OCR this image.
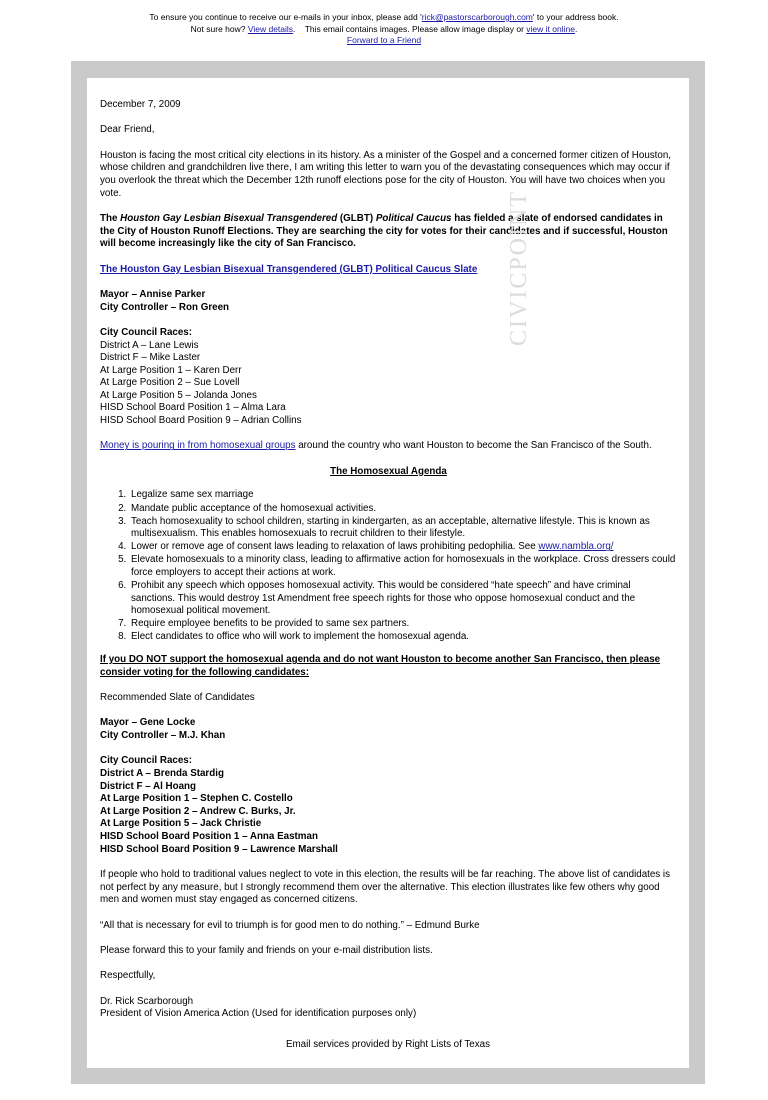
To ensure you continue to receive our e-mails in your inbox, please add 'rick@pastorscarborough.com' to your address book.
Not sure how? View details.    This email contains images. Please allow image display or view it online.
Forward to a Friend
CIVICPOINT

December 7, 2009

Dear Friend,

Houston is facing the most critical city elections in its history. As a minister of the Gospel and a concerned former citizen of Houston, whose children and grandchildren live there, I am writing this letter to warn you of the devastating consequences which may occur if you overlook the threat which the December 12th runoff elections pose for the city of Houston. You will have two choices when you vote.

The Houston Gay Lesbian Bisexual Transgendered (GLBT) Political Caucus has fielded a slate of endorsed candidates in the City of Houston Runoff Elections. They are searching the city for votes for their candidates and if successful, Houston will become increasingly like the city of San Francisco.

The Houston Gay Lesbian Bisexual Transgendered (GLBT) Political Caucus Slate

Mayor – Annise Parker

City Controller – Ron Green

City Council Races:

District A – Lane Lewis

District F – Mike Laster

At Large Position 1 – Karen Derr

At Large Position 2 – Sue Lovell

At Large Position 5 – Jolanda Jones

HISD School Board Position 1 – Alma Lara

HISD School Board Position 9 – Adrian Collins

Money is pouring in from homosexual groups around the country who want Houston to become the San Francisco of the South.

The Homosexual Agenda

1. Legalize same sex marriage
2. Mandate public acceptance of the homosexual activities.
3. Teach homosexuality to school children, starting in kindergarten, as an acceptable, alternative lifestyle. This is known as multisexualism. This enables homosexuals to recruit children to their lifestyle.
4. Lower or remove age of consent laws leading to relaxation of laws prohibiting pedophilia. See www.nambla.org/
5. Elevate homosexuals to a minority class, leading to affirmative action for homosexuals in the workplace. Cross dressers could force employers to accept their actions at work.
6. Prohibit any speech which opposes homosexual activity. This would be considered “hate speech” and have criminal sanctions. This would destroy 1st Amendment free speech rights for those who oppose homosexual conduct and the homosexual political movement.
7. Require employee benefits to be provided to same sex partners.
8. Elect candidates to office who will work to implement the homosexual agenda.

If you DO NOT support the homosexual agenda and do not want Houston to become another San Francisco, then please consider voting for the following candidates:

Recommended Slate of Candidates

Mayor – Gene Locke

City Controller – M.J. Khan

City Council Races:

District A – Brenda Stardig

District F – Al Hoang

At Large Position 1 – Stephen C. Costello

At Large Position 2 – Andrew C. Burks, Jr.

At Large Position 5 – Jack Christie

HISD School Board Position 1 – Anna Eastman

HISD School Board Position 9 – Lawrence Marshall

If people who hold to traditional values neglect to vote in this election, the results will be far reaching. The above list of candidates is not perfect by any measure, but I strongly recommend them over the alternative. This election illustrates like few others why good men and women must stay engaged as concerned citizens.

“All that is necessary for evil to triumph is for good men to do nothing.” – Edmund Burke

Please forward this to your family and friends on your e-mail distribution lists.

Respectfully,

Dr. Rick Scarborough

President of Vision America Action (Used for identification purposes only)

Email services provided by Right Lists of Texas
